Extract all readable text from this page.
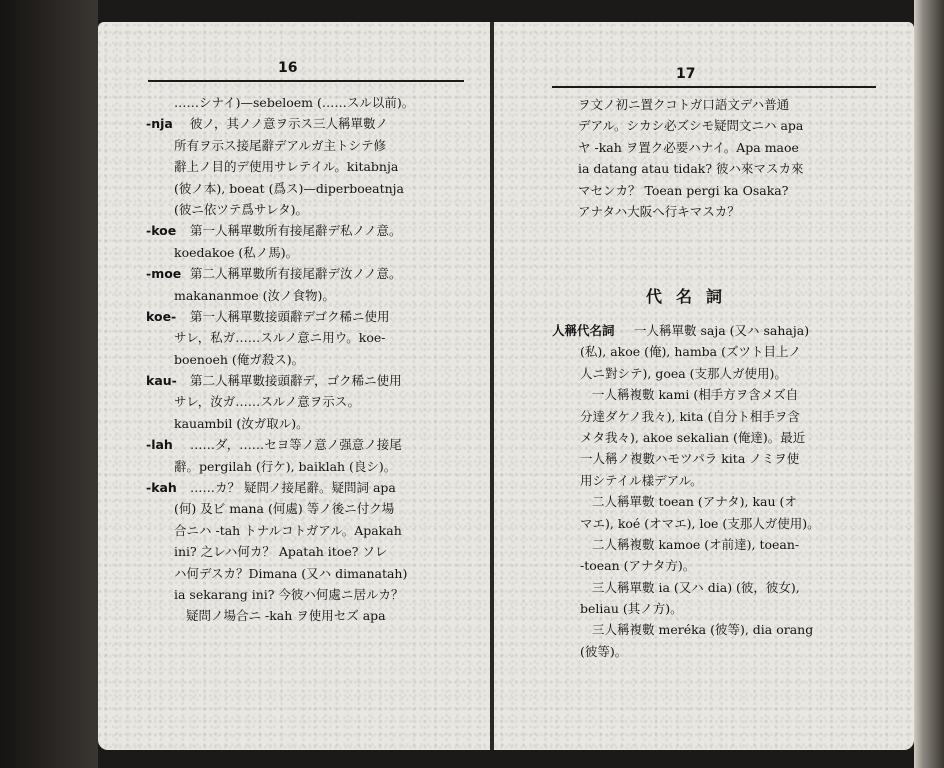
16
……シナイ)—sebeloem (……スル以前)。
-nja 彼ノ，其ノノ意ヲ示ス三人稱單數ノ
所有ヲ示ス接尾辭デアルガ主トシテ修
辭上ノ目的デ使用サレテイル。kitabnja
(彼ノ本), boeat (爲ス)—diperboeatnja
(彼ニ依ツテ爲サレタ)。
-koe 第一人稱單數所有接尾辭デ私ノノ意。
koedakoe (私ノ馬)。
-moe 第二人稱單數所有接尾辭デ汝ノノ意。
makananmoe (汝ノ食物)。
koe- 第一人稱單數接頭辭デゴク稀ニ使用
サレ，私ガ……スルノ意ニ用ウ。koe-
boenoeh (俺ガ殺ス)。
kau- 第二人稱單數接頭辭デ，ゴク稀ニ使用
サレ，汝ガ……スルノ意ヲ示ス。
kauambil (汝ガ取ル)。
-lah ……ダ，……セヨ等ノ意ノ强意ノ接尾
辭。pergilah (行ケ), baiklah (良シ)。
-kah ……カ？ 疑問ノ接尾辭。疑問詞 apa
(何) 及ビ mana (何處) 等ノ後ニ付ク場
合ニハ -tah トナルコトガアル。Apakah
ini? 之レハ何カ？ Apatah itoe? ソレ
ハ何デスカ？Dimana (又ハ dimanatah)
ia sekarang ini? 今彼ハ何處ニ居ルカ？
疑問ノ場合ニ -kah ヲ使用セズ apa
17
ヲ文ノ初ニ置クコトガ口語文デハ普通
デアル。シカシ必ズシモ疑問文ニハ apa
ヤ -kah ヲ置ク必要ハナイ。Apa maoe
ia datang atau tidak? 彼ハ來マスカ來
マセンカ？ Toean pergi ka Osaka?
アナタハ大阪へ行キマスカ？
代名詞
人稱代名詞 一人稱單數 saja (又ハ sahaja)
(私), akoe (俺), hamba (ズツト目上ノ
人ニ對シテ), goea (支那人ガ使用)。
一人稱複數 kami (相手方ヲ含メズ自
分達ダケノ我々), kita (自分ト相手ヲ含
メタ我々), akoe sekalian (俺達)。最近
一人稱ノ複數ハモツパラ kita ノミヲ使
用シテイル樣デアル。
二人稱單數 toean (アナタ), kau (オ
マエ), koé (オマエ), loe (支那人ガ使用)。
二人稱複數 kamoe (オ前達), toean-
-toean (アナタ方)。
三人稱單數 ia (又ハ dia) (彼，彼女),
beliau (其ノ方)。
三人稱複數 meréka (彼等), dia orang
(彼等)。
